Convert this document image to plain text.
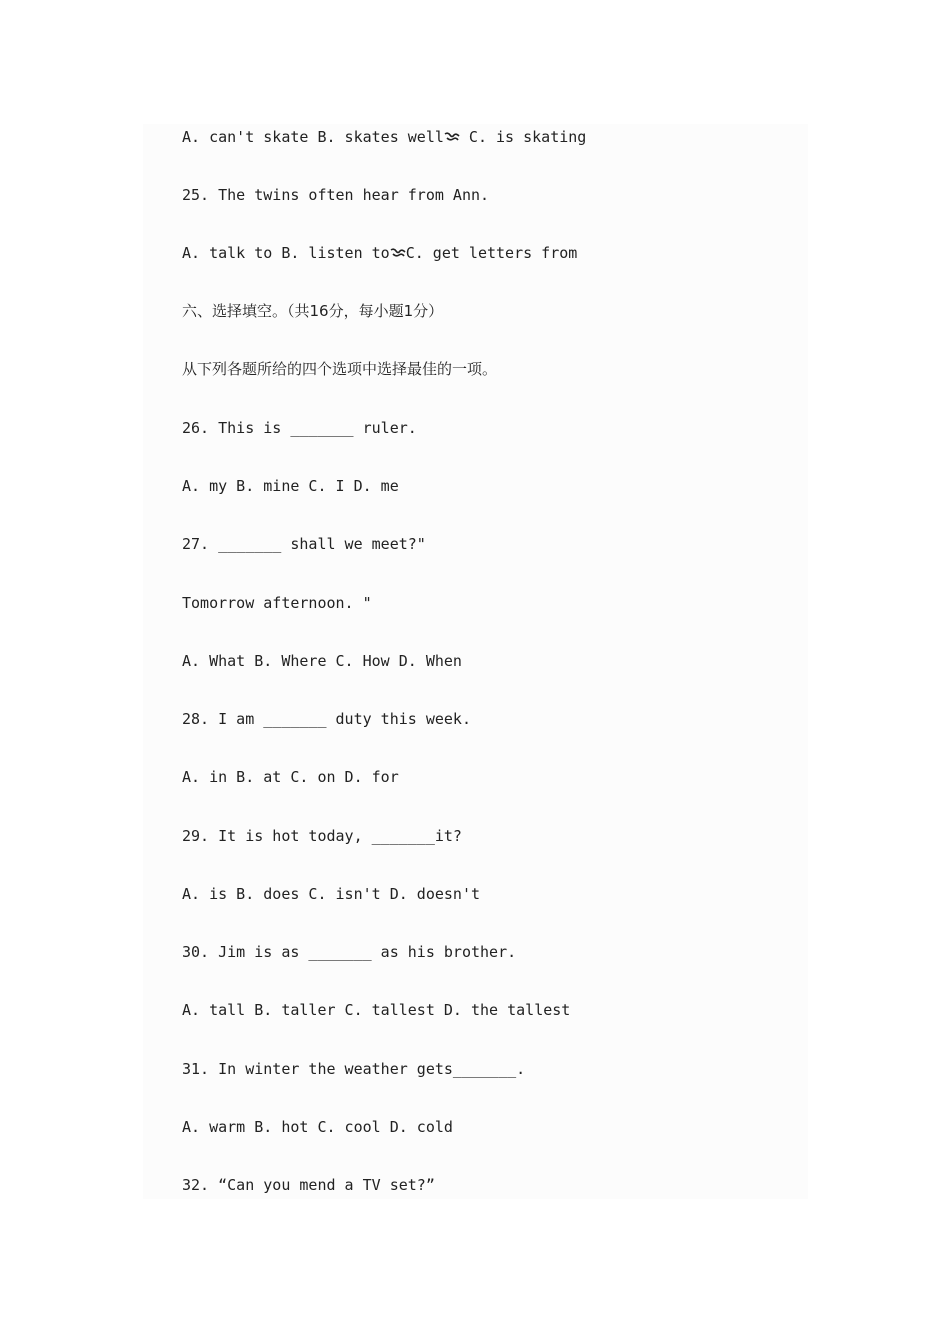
A. can't skate B. skates well
C. is skating
25. The twins often hear from Ann.
A. talk to B. listen to C. get letters from
六、选择填空。（共16分，每小题1分）
从下列各题所给的四个选项中选择最佳的一项。
26. This is _______ ruler.
A. my B. mine C. I D. me
27. _______ shall we meet?"
Tomorrow afternoon. "
A. What B. Where C. How D. When
28. I am _______ duty this week.
A. in B. at C. on D. for
29. It is hot today, _______it?
A. is B. does C. isn't D. doesn't
30. Jim is as _______ as his brother.
A. tall B. taller C. tallest D. the tallest
31. In winter the weather gets_______.
A. warm B. hot C. cool D. cold
32. “Can you mend a TV set?”
